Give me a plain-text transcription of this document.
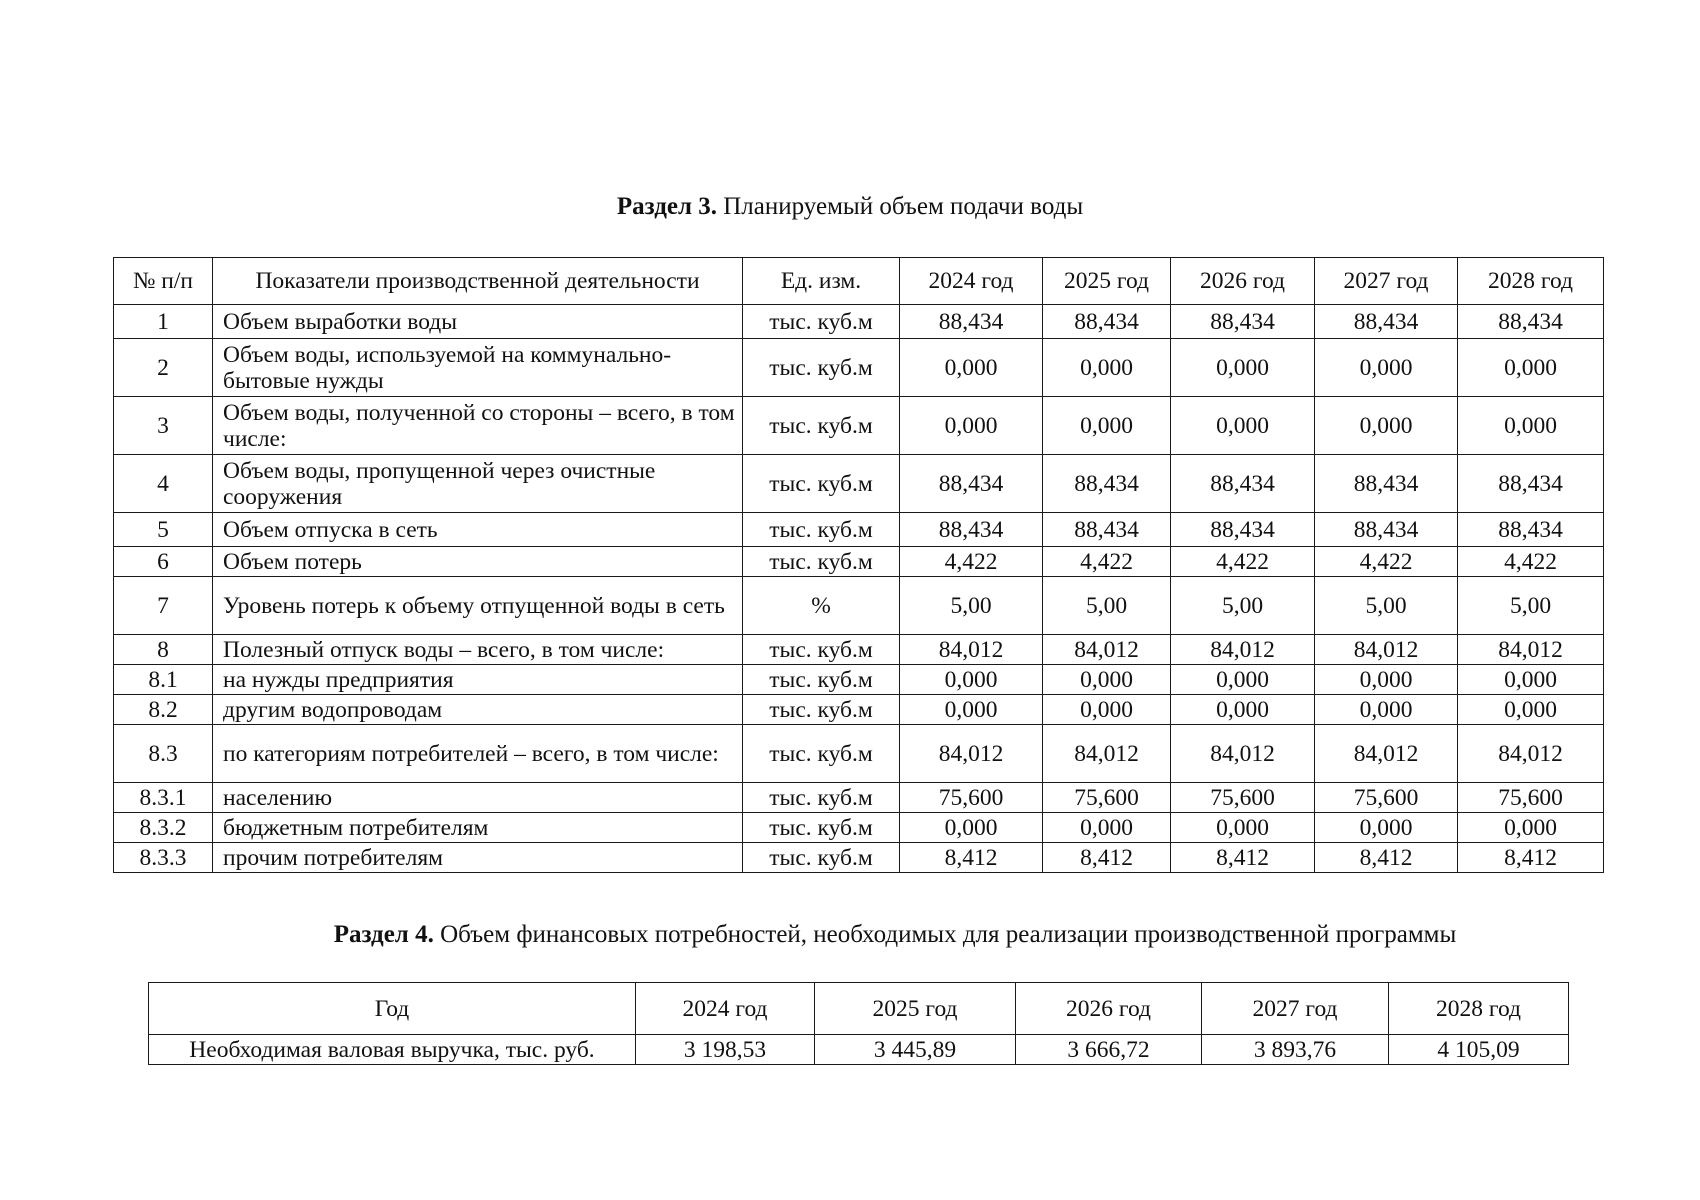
Раздел 3. Планируемый объем подачи воды
№ п/п	Показатели производственной деятельности	Ед. изм.	2024 год	2025 год	2026 год	2027 год	2028 год
1	Объем выработки воды	тыс. куб.м	88,434	88,434	88,434	88,434	88,434
2	Объем воды, используемой на коммунально-бытовые нужды	тыс. куб.м	0,000	0,000	0,000	0,000	0,000
3	Объем воды, полученной со стороны – всего, в том числе:	тыс. куб.м	0,000	0,000	0,000	0,000	0,000
4	Объем воды, пропущенной через очистные сооружения	тыс. куб.м	88,434	88,434	88,434	88,434	88,434
5	Объем отпуска в сеть	тыс. куб.м	88,434	88,434	88,434	88,434	88,434
6	Объем потерь	тыс. куб.м	4,422	4,422	4,422	4,422	4,422
7	Уровень потерь к объему отпущенной воды в сеть	%	5,00	5,00	5,00	5,00	5,00
8	Полезный отпуск воды – всего, в том числе:	тыс. куб.м	84,012	84,012	84,012	84,012	84,012
8.1	на нужды предприятия	тыс. куб.м	0,000	0,000	0,000	0,000	0,000
8.2	другим водопроводам	тыс. куб.м	0,000	0,000	0,000	0,000	0,000
8.3	по категориям потребителей – всего, в том числе:	тыс. куб.м	84,012	84,012	84,012	84,012	84,012
8.3.1	населению	тыс. куб.м	75,600	75,600	75,600	75,600	75,600
8.3.2	бюджетным потребителям	тыс. куб.м	0,000	0,000	0,000	0,000	0,000
8.3.3	прочим потребителям	тыс. куб.м	8,412	8,412	8,412	8,412	8,412
Раздел 4. Объем финансовых потребностей, необходимых для реализации производственной программы
Год	2024 год	2025 год	2026 год	2027 год	2028 год
Необходимая валовая выручка, тыс. руб.	3 198,53	3 445,89	3 666,72	3 893,76	4 105,09
